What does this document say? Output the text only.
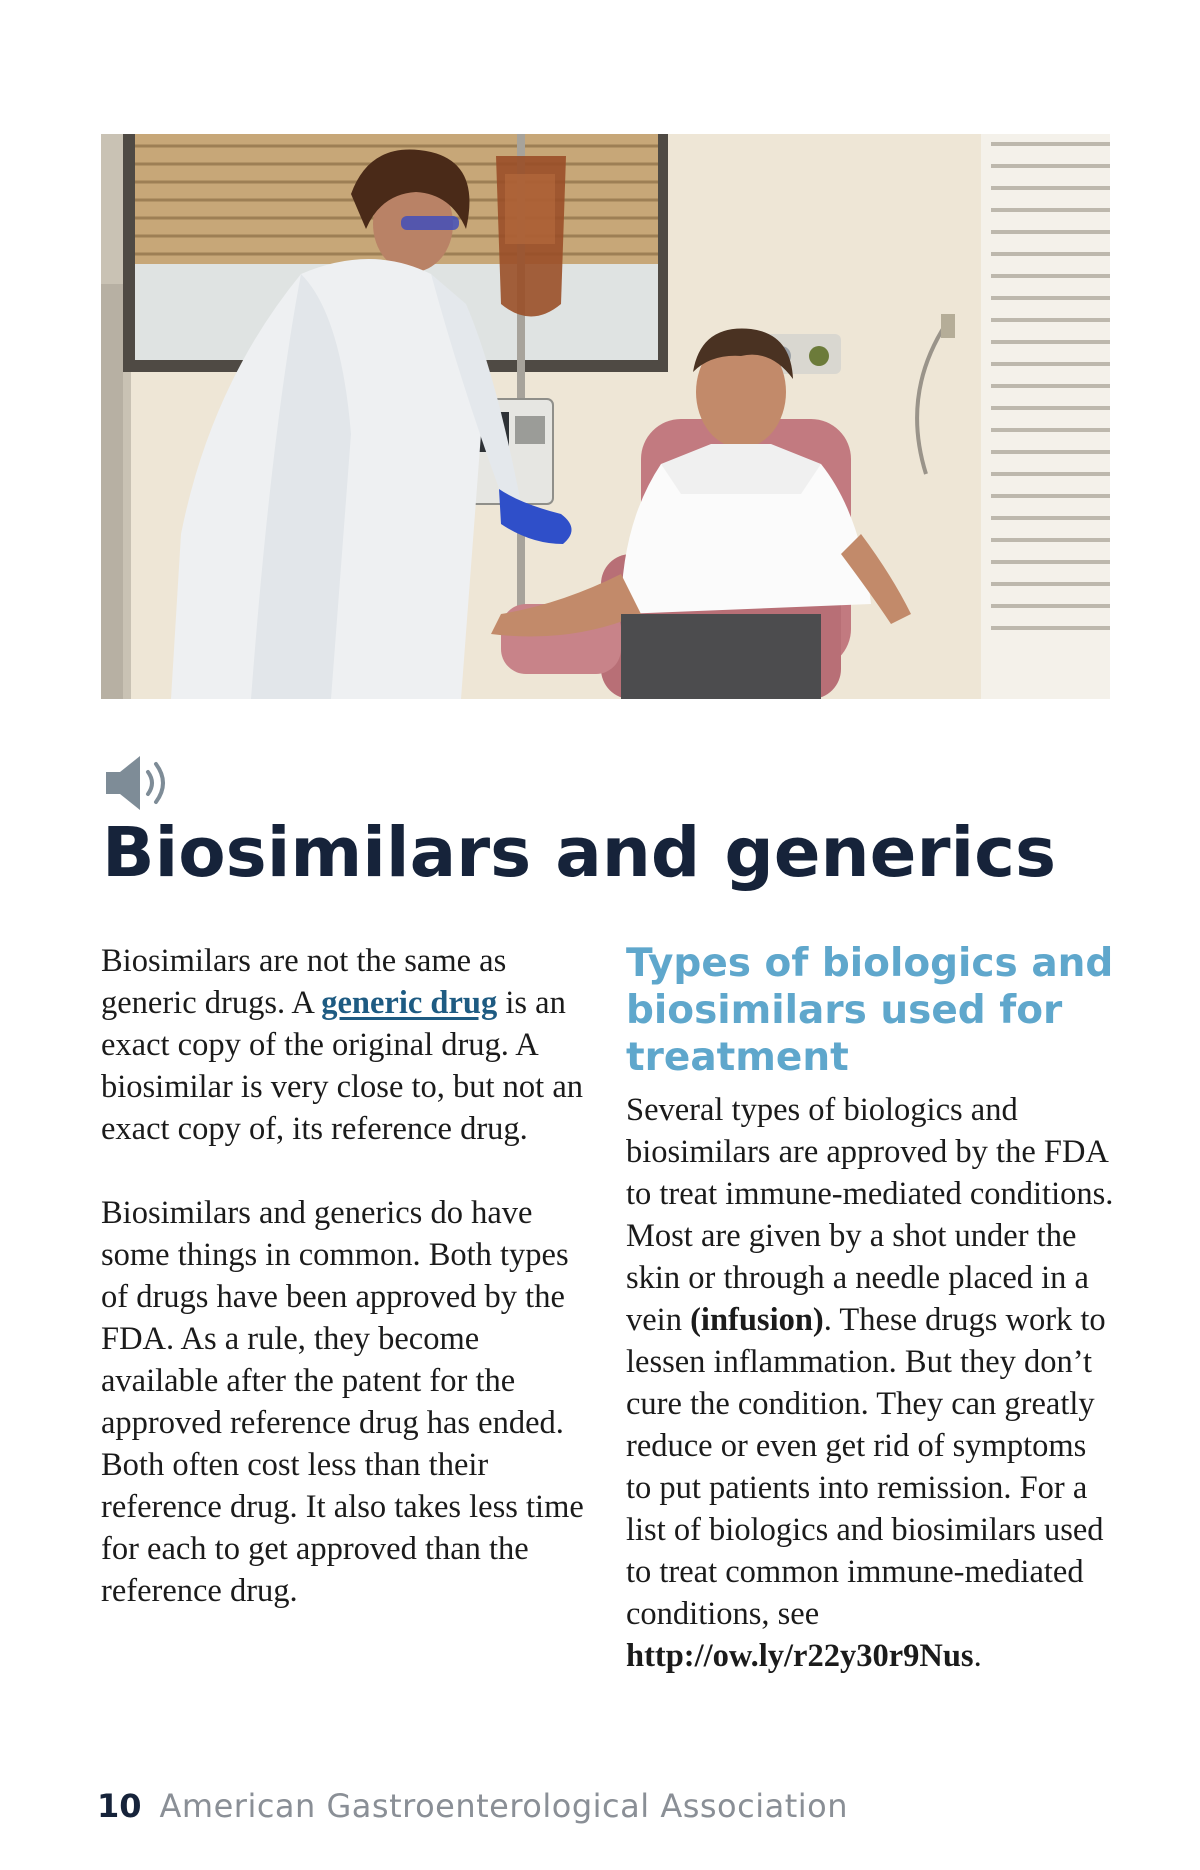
Biosimilars and generics

Biosimilars are not the same as generic drugs. A generic drug is an exact copy of the original drug. A biosimilar is very close to, but not an exact copy of, its reference drug.

Biosimilars and generics do have some things in common. Both types of drugs have been approved by the FDA. As a rule, they become available after the patent for the approved reference drug has ended. Both often cost less than their reference drug. It also takes less time for each to get approved than the reference drug.

Types of biologics and biosimilars used for treatment

Several types of biologics and biosimilars are approved by the FDA to treat immune-mediated conditions. Most are given by a shot under the skin or through a needle placed in a vein (infusion). These drugs work to lessen inflammation. But they don’t cure the condition. They can greatly reduce or even get rid of symptoms to put patients into remission. For a list of biologics and biosimilars used to treat common immune-mediated conditions, see http://ow.ly/r22y30r9Nus.

10 American Gastroenterological Association
